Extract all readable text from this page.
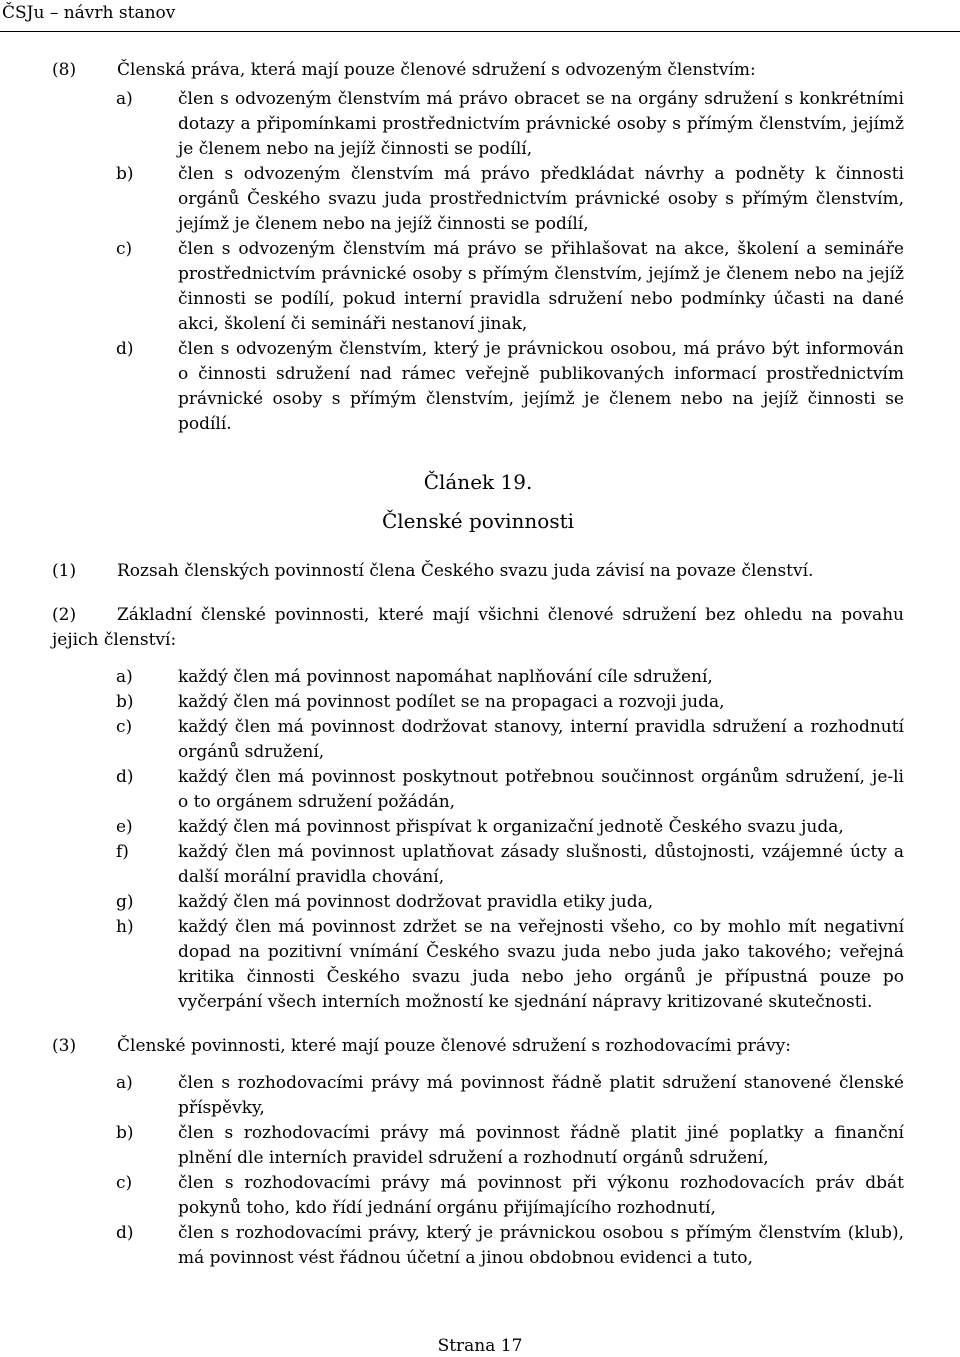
ČSJu – návrh stanov
(8) Členská práva, která mají pouze členové sdružení s odvozeným členstvím:
a)	člen s odvozeným členstvím má právo obracet se na orgány sdružení s konkrétními dotazy a připomínkami prostřednictvím právnické osoby s přímým členstvím, jejímž je členem nebo na jejíž činnosti se podílí,
b)	člen s odvozeným členstvím má právo předkládat návrhy a podněty k činnosti orgánů Českého svazu juda prostřednictvím právnické osoby s přímým členstvím, jejímž je členem nebo na jejíž činnosti se podílí,
c)	člen s odvozeným členstvím má právo se přihlašovat na akce, školení a semináře prostřednictvím právnické osoby s přímým členstvím, jejímž je členem nebo na jejíž činnosti se podílí, pokud interní pravidla sdružení nebo podmínky účasti na dané akci, školení či semináři nestanoví jinak,
d)	člen s odvozeným členstvím, který je právnickou osobou, má právo být informován o činnosti sdružení nad rámec veřejně publikovaných informací prostřednictvím právnické osoby s přímým členstvím, jejímž je členem nebo na jejíž činnosti se podílí.
Článek 19.
Členské povinnosti
(1) Rozsah členských povinností člena Českého svazu juda závisí na povaze členství.
(2) Základní členské povinnosti, které mají všichni členové sdružení bez ohledu na povahu jejich členství:
a)	každý člen má povinnost napomáhat naplňování cíle sdružení,
b)	každý člen má povinnost podílet se na propagaci a rozvoji juda,
c)	každý člen má povinnost dodržovat stanovy, interní pravidla sdružení a rozhodnutí orgánů sdružení,
d)	každý člen má povinnost poskytnout potřebnou součinnost orgánům sdružení, je-li o to orgánem sdružení požádán,
e)	každý člen má povinnost přispívat k organizační jednotě Českého svazu juda,
f)	každý člen má povinnost uplatňovat zásady slušnosti, důstojnosti, vzájemné úcty a další morální pravidla chování,
g)	každý člen má povinnost dodržovat pravidla etiky juda,
h)	každý člen má povinnost zdržet se na veřejnosti všeho, co by mohlo mít negativní dopad na pozitivní vnímání Českého svazu juda nebo juda jako takového; veřejná kritika činnosti Českého svazu juda nebo jeho orgánů je přípustná pouze po vyčerpání všech interních možností ke sjednání nápravy kritizované skutečnosti.
(3) Členské povinnosti, které mají pouze členové sdružení s rozhodovacími právy:
a)	člen s rozhodovacími právy má povinnost řádně platit sdružení stanovené členské příspěvky,
b)	člen s rozhodovacími právy má povinnost řádně platit jiné poplatky a finanční plnění dle interních pravidel sdružení a rozhodnutí orgánů sdružení,
c)	člen s rozhodovacími právy má povinnost při výkonu rozhodovacích práv dbát pokynů toho, kdo řídí jednání orgánu přijímajícího rozhodnutí,
d)	člen s rozhodovacími právy, který je právnickou osobou s přímým členstvím (klub), má povinnost vést řádnou účetní a jinou obdobnou evidenci a tuto,
Strana 17
